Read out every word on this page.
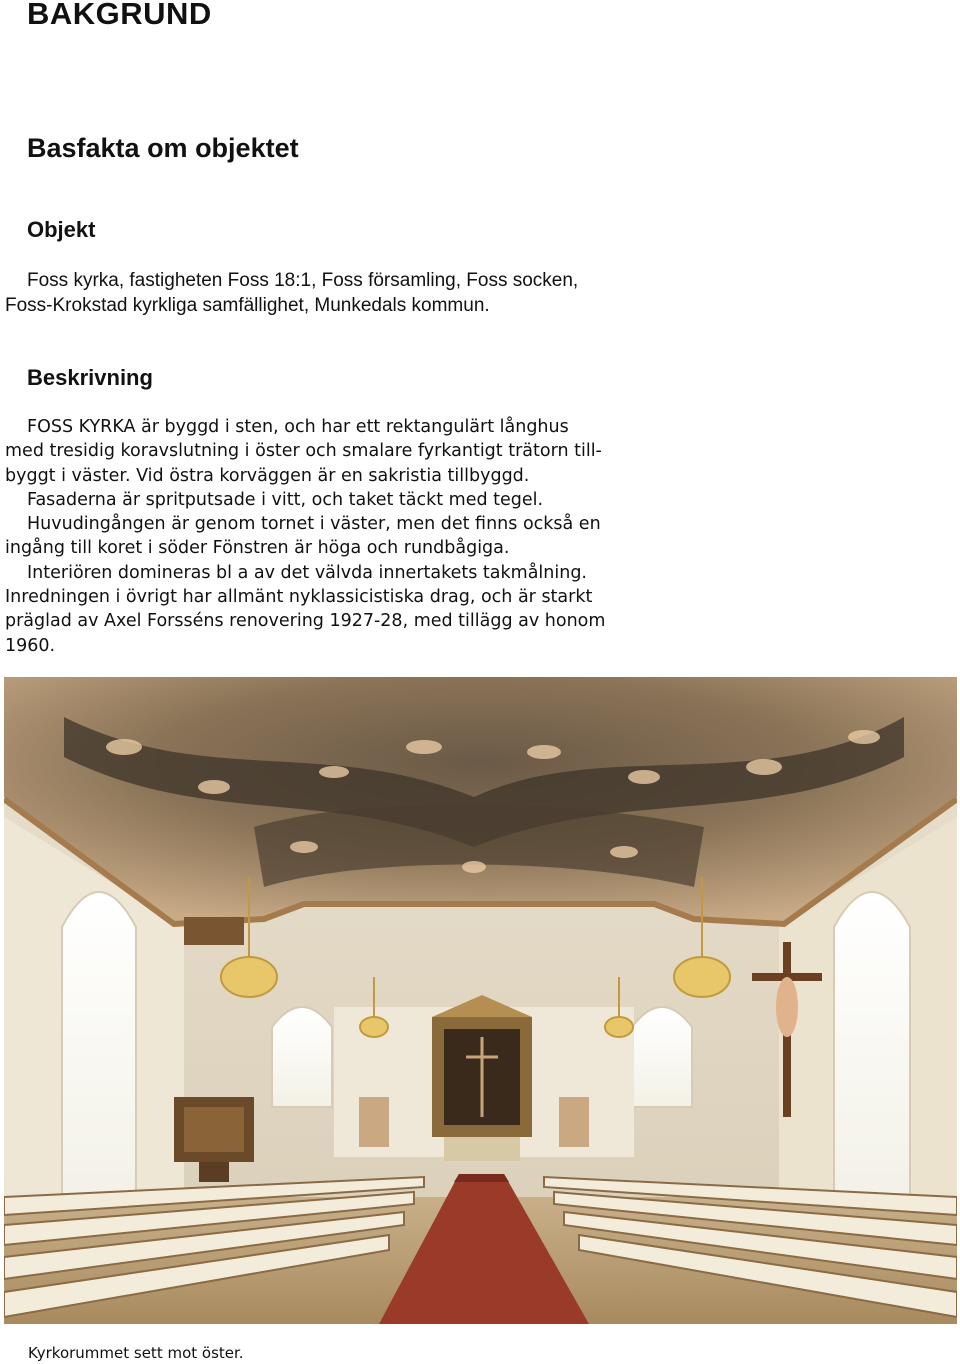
BAKGRUND
Basfakta om objektet
Objekt

Foss kyrka, fastigheten Foss 18:1, Foss församling, Foss socken,
Foss-Krokstad kyrkliga samfällighet, Munkedals kommun.

Beskrivning

FOSS KYRKA är byggd i sten, och har ett rektangulärt långhus
med tresidig koravslutning i öster och smalare fyrkantigt trätorn till-
byggt i väster. Vid östra korväggen är en sakristia tillbyggd.
Fasaderna är spritputsade i vitt, och taket täckt med tegel.
Huvudingången är genom tornet i väster, men det finns också en
ingång till koret i söder Fönstren är höga och rundbågiga.
Interiören domineras bl a av det välvda innertakets takmålning.
Inredningen i övrigt har allmänt nyklassicistiska drag, och är starkt
präglad av Axel Forsséns renovering 1927-28, med tillägg av honom
1960.

Kyrkorummet sett mot öster.
